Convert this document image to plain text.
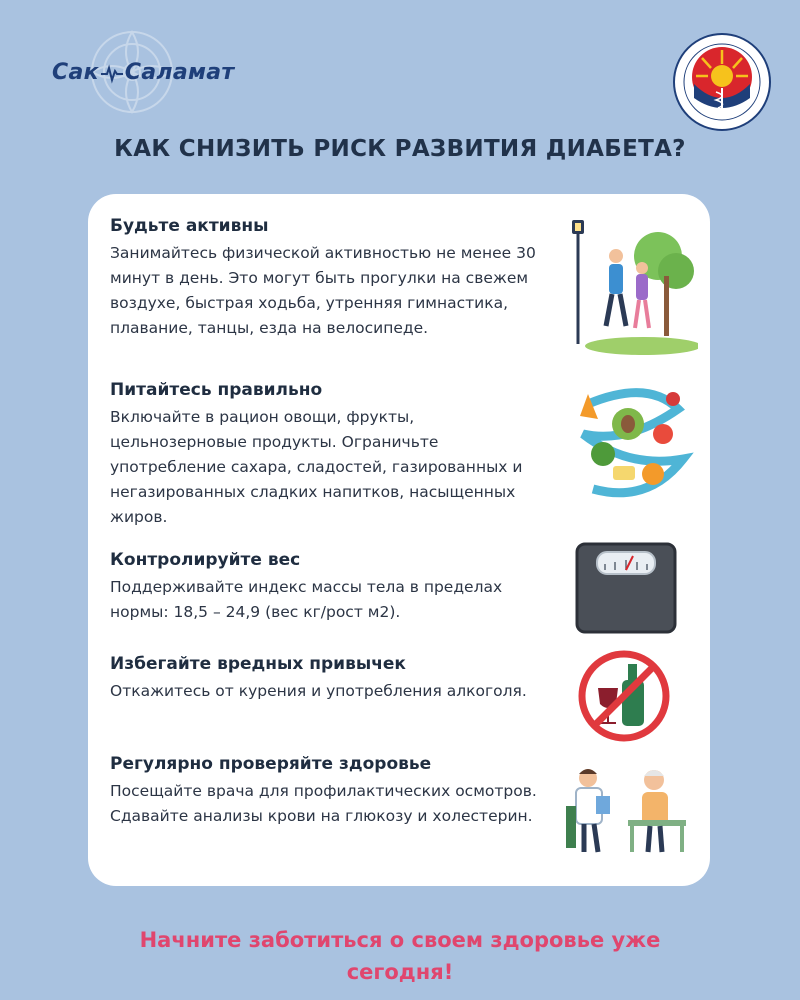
Сак Саламат
КАК СНИЗИТЬ РИСК РАЗВИТИЯ ДИАБЕТА?
Будьте активны

Занимайтесь физической активностью не менее 30 минут в день. Это могут быть прогулки на свежем воздухе, быстрая ходьба, утренняя гимнастика, плавание, танцы, езда на велосипеде.

Питайтесь правильно

Включайте в рацион овощи, фрукты, цельнозерновые продукты. Ограничьте употребление сахара, сладостей, газированных и негазированных сладких напитков, насыщенных жиров.

Контролируйте вес

Поддерживайте индекс массы тела в пределах нормы: 18,5 – 24,9 (вес кг/рост м2).

Избегайте вредных привычек

Откажитесь от курения и употребления алкоголя.

Регулярно проверяйте здоровье

Посещайте врача для профилактических осмотров. Сдавайте анализы крови на глюкозу и холестерин.

Начните заботиться о своем здоровье уже
сегодня!
